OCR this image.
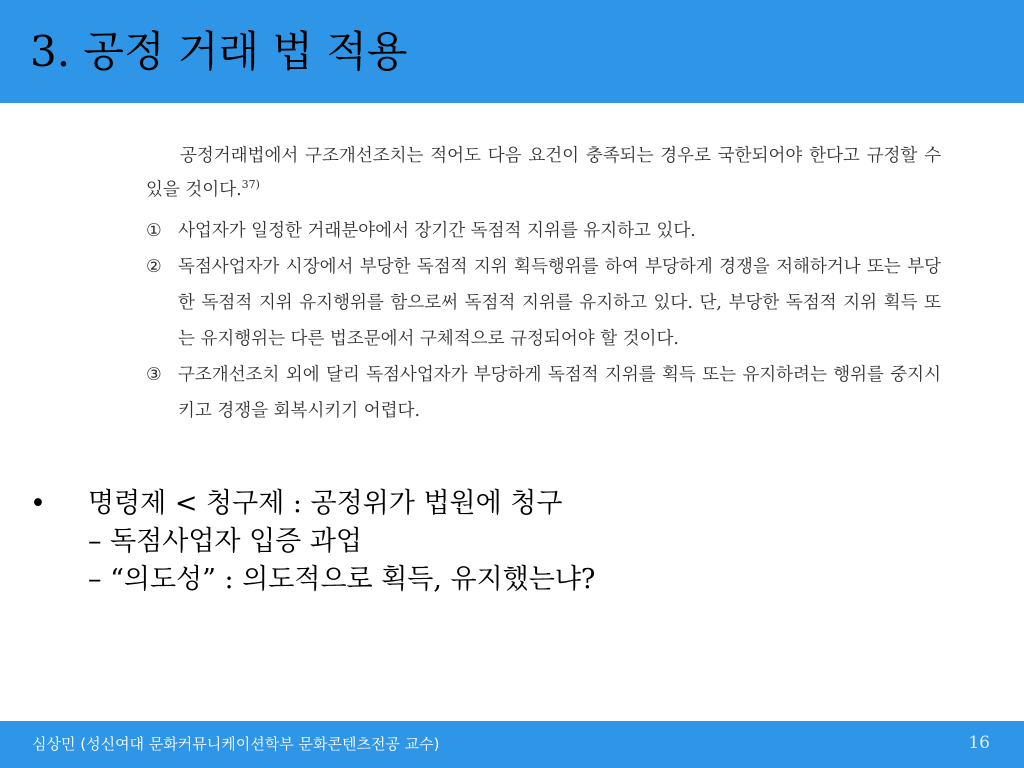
3. 공정 거래 법 적용

공정거래법에서 구조개선조치는 적어도 다음 요건이 충족되는 경우로 국한되어야 한다고 규정할 수 있을 것이다.$^{37)}$

① 사업자가 일정한 거래분야에서 장기간 독점적 지위를 유지하고 있다.
② 독점사업자가 시장에서 부당한 독점적 지위 획득행위를 하여 부당하게 경쟁을 저해하거나 또는 부당한 독점적 지위 유지행위를 함으로써 독점적 지위를 유지하고 있다. 단, 부당한 독점적 지위 획득 또는 유지행위는 다른 법조문에서 구체적으로 규정되어야 할 것이다.
③ 구조개선조치 외에 달리 독점사업자가 부당하게 독점적 지위를 획득 또는 유지하려는 행위를 중지시키고 경쟁을 회복시키기 어렵다.
•	명령제 < 청구제 : 공정위가 법원에 청구
– 독점사업자 입증 과업
– “의도성” : 의도적으로 획득, 유지했는냐?
심상민 (성신여대 문화커뮤니케이션학부 문화콘텐츠전공 교수)	16
